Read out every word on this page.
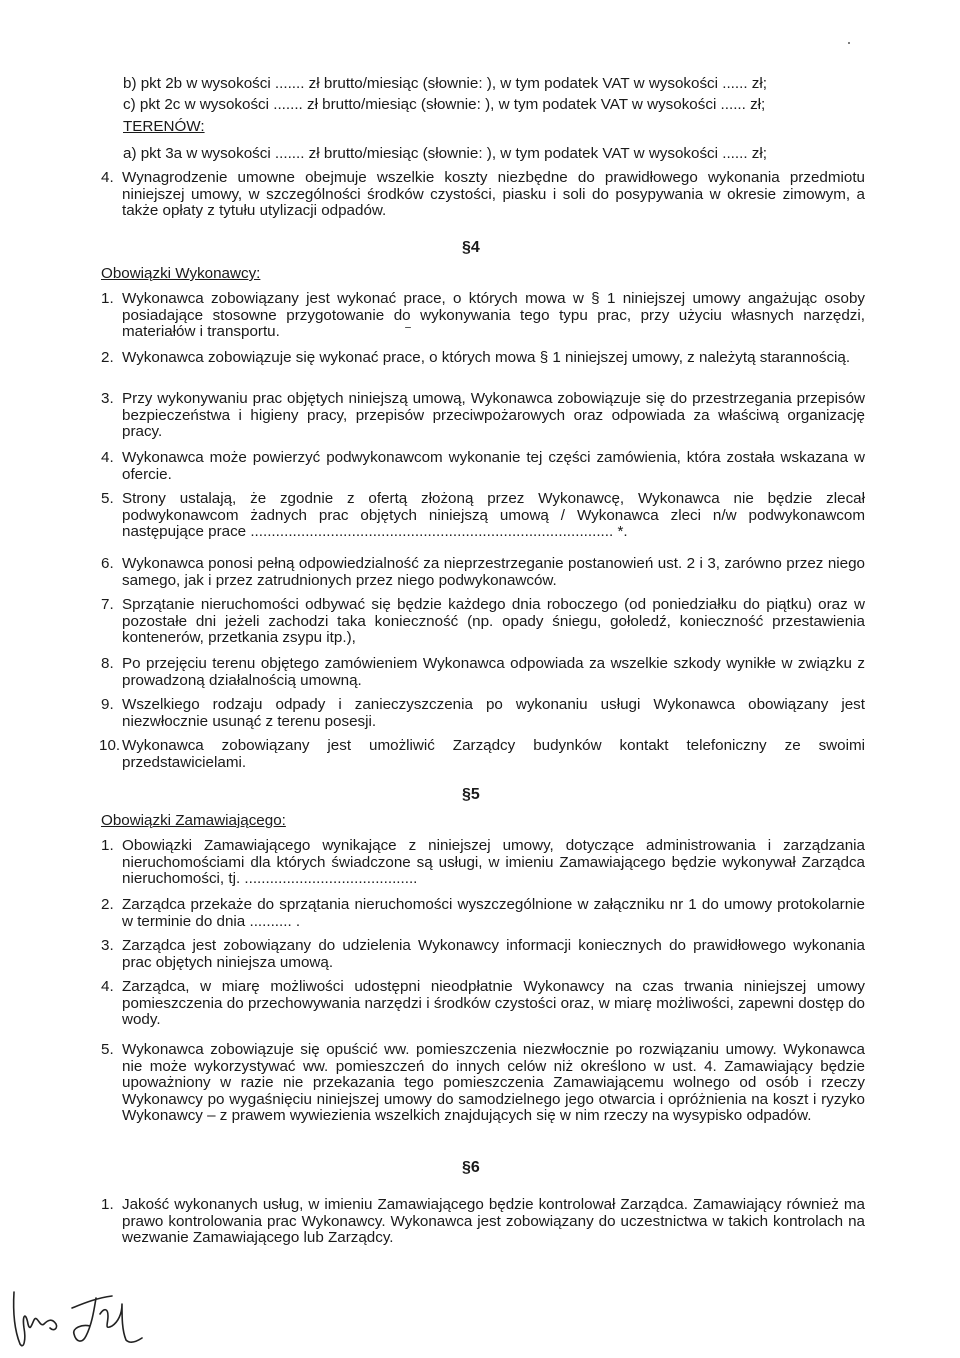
b) pkt 2b w wysokości ....... zł brutto/miesiąc (słownie: ), w tym podatek VAT w wysokości ...... zł;
c) pkt 2c w wysokości ....... zł brutto/miesiąc (słownie: ), w tym podatek VAT w wysokości ...... zł;
TERENÓW:
a) pkt 3a w wysokości ....... zł brutto/miesiąc (słownie: ), w tym podatek VAT w wysokości ...... zł;
4. Wynagrodzenie umowne obejmuje wszelkie koszty niezbędne do prawidłowego wykonania przedmiotu niniejszej umowy, w szczególności środków czystości, piasku i soli do posypywania w okresie zimowym, a także opłaty z tytułu utylizacji odpadów.
§4
Obowiązki Wykonawcy:
1. Wykonawca zobowiązany jest wykonać prace, o których mowa w § 1 niniejszej umowy angażując osoby posiadające stosowne przygotowanie do wykonywania tego typu prac, przy użyciu własnych narzędzi, materiałów i transportu.
2. Wykonawca zobowiązuje się wykonać prace, o których mowa § 1 niniejszej umowy, z należytą starannością.
3. Przy wykonywaniu prac objętych niniejszą umową, Wykonawca zobowiązuje się do przestrzegania przepisów bezpieczeństwa i higieny pracy, przepisów przeciwpożarowych oraz odpowiada za właściwą organizację pracy.
4. Wykonawca może powierzyć podwykonawcom wykonanie tej części zamówienia, która została wskazana w ofercie.
5. Strony ustalają, że zgodnie z ofertą złożoną przez Wykonawcę, Wykonawca nie będzie zlecał podwykonawcom żadnych prac objętych niniejszą umową / Wykonawca zleci n/w podwykonawcom następujące prace ...................................................................................... *.
6. Wykonawca ponosi pełną odpowiedzialność za nieprzestrzeganie postanowień ust. 2 i 3, zarówno przez niego samego, jak i przez zatrudnionych przez niego podwykonawców.
7. Sprzątanie nieruchomości odbywać się będzie każdego dnia roboczego (od poniedziałku do piątku) oraz w pozostałe dni jeżeli zachodzi taka konieczność (np. opady śniegu, gołoledź, konieczność przestawienia kontenerów, przetkania zsypu itp.),
8. Po przejęciu terenu objętego zamówieniem Wykonawca odpowiada za wszelkie szkody wynikłe w związku z prowadzoną działalnością umowną.
9. Wszelkiego rodzaju odpady i zanieczyszczenia po wykonaniu usługi Wykonawca obowiązany jest niezwłocznie usunąć z terenu posesji.
10. Wykonawca zobowiązany jest umożliwić Zarządcy budynków kontakt telefoniczny ze swoimi przedstawicielami.
§5
Obowiązki Zamawiającego:
1. Obowiązki Zamawiającego wynikające z niniejszej umowy, dotyczące administrowania i zarządzania nieruchomościami dla których świadczone są usługi, w imieniu Zamawiającego będzie wykonywał Zarządca nieruchomości, tj. .........................................
2. Zarządca przekaże do sprzątania nieruchomości wyszczególnione w załączniku nr 1 do umowy protokolarnie w terminie do dnia .......... .
3. Zarządca jest zobowiązany do udzielenia Wykonawcy informacji koniecznych do prawidłowego wykonania prac objętych niniejsza umową.
4. Zarządca, w miarę możliwości udostępni nieodpłatnie Wykonawcy na czas trwania niniejszej umowy pomieszczenia do przechowywania narzędzi i środków czystości oraz, w miarę możliwości, zapewni dostęp do wody.
5. Wykonawca zobowiązuje się opuścić ww. pomieszczenia niezwłocznie po rozwiązaniu umowy. Wykonawca nie może wykorzystywać ww. pomieszczeń do innych celów niż określono w ust. 4. Zamawiający będzie upoważniony w razie nie przekazania tego pomieszczenia Zamawiającemu wolnego od osób i rzeczy Wykonawcy po wygaśnięciu niniejszej umowy do samodzielnego jego otwarcia i opróżnienia na koszt i ryzyko Wykonawcy – z prawem wywiezienia wszelkich znajdujących się w nim rzeczy na wysypisko odpadów.
§6
1. Jakość wykonanych usług, w imieniu Zamawiającego będzie kontrolował Zarządca. Zamawiający również ma prawo kontrolowania prac Wykonawcy. Wykonawca jest zobowiązany do uczestnictwa w takich kontrolach na wezwanie Zamawiającego lub Zarządcy.
